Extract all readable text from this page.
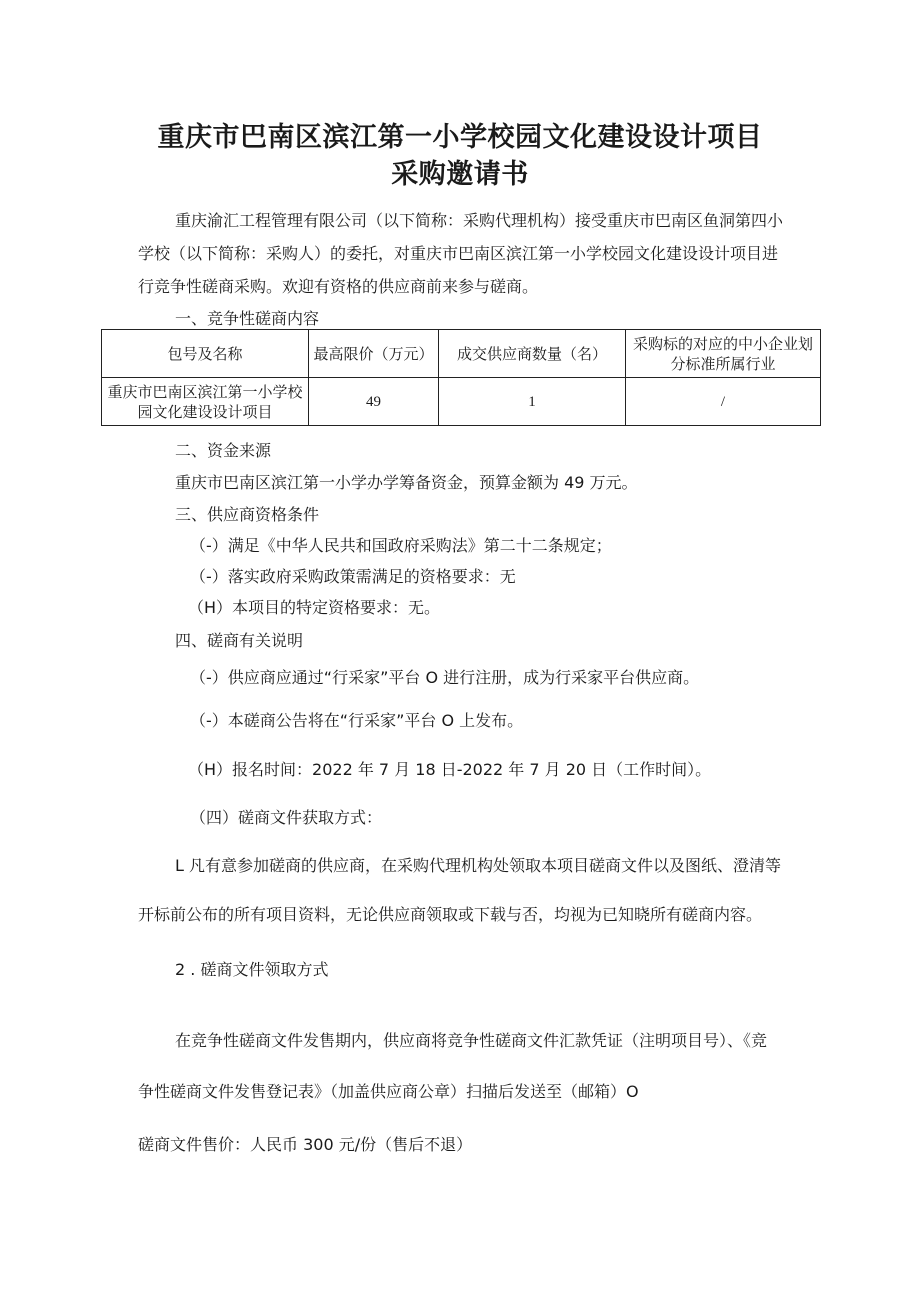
重庆市巴南区滨江第一小学校园文化建设设计项目
采购邀请书
重庆渝汇工程管理有限公司（以下简称：采购代理机构）接受重庆市巴南区鱼洞第四小
学校（以下简称：采购人）的委托，对重庆市巴南区滨江第一小学校园文化建设设计项目进
行竞争性磋商采购。欢迎有资格的供应商前来参与磋商。
一、竞争性磋商内容
包号及名称	最高限价（万元）	成交供应商数量（名）	采购标的对应的中小企业划
分标准所属行业

重庆市巴南区滨江第一小学校
园文化建设设计项目	49	1	/
二、资金来源
重庆市巴南区滨江第一小学办学筹备资金，预算金额为 49 万元。
三、供应商资格条件
（-）满足《中华人民共和国政府采购法》第二十二条规定；
（-）落实政府采购政策需满足的资格要求：无
（H）本项目的特定资格要求：无。
四、磋商有关说明
（-）供应商应通过“行采家”平台 O 进行注册，成为行采家平台供应商。
（-）本磋商公告将在“行采家”平台 O 上发布。
（H）报名时间：2022 年 7 月 18 日-2022 年 7 月 20 日（工作时间）。
（四）磋商文件获取方式：
L 凡有意参加磋商的供应商，在采购代理机构处领取本项目磋商文件以及图纸、澄清等
开标前公布的所有项目资料，无论供应商领取或下载与否，均视为已知晓所有磋商内容。
2 . 磋商文件领取方式
在竞争性磋商文件发售期内，供应商将竞争性磋商文件汇款凭证（注明项目号）、《竞
争性磋商文件发售登记表》（加盖供应商公章）扫描后发送至（邮箱）O
磋商文件售价：人民币 300 元/份（售后不退）
